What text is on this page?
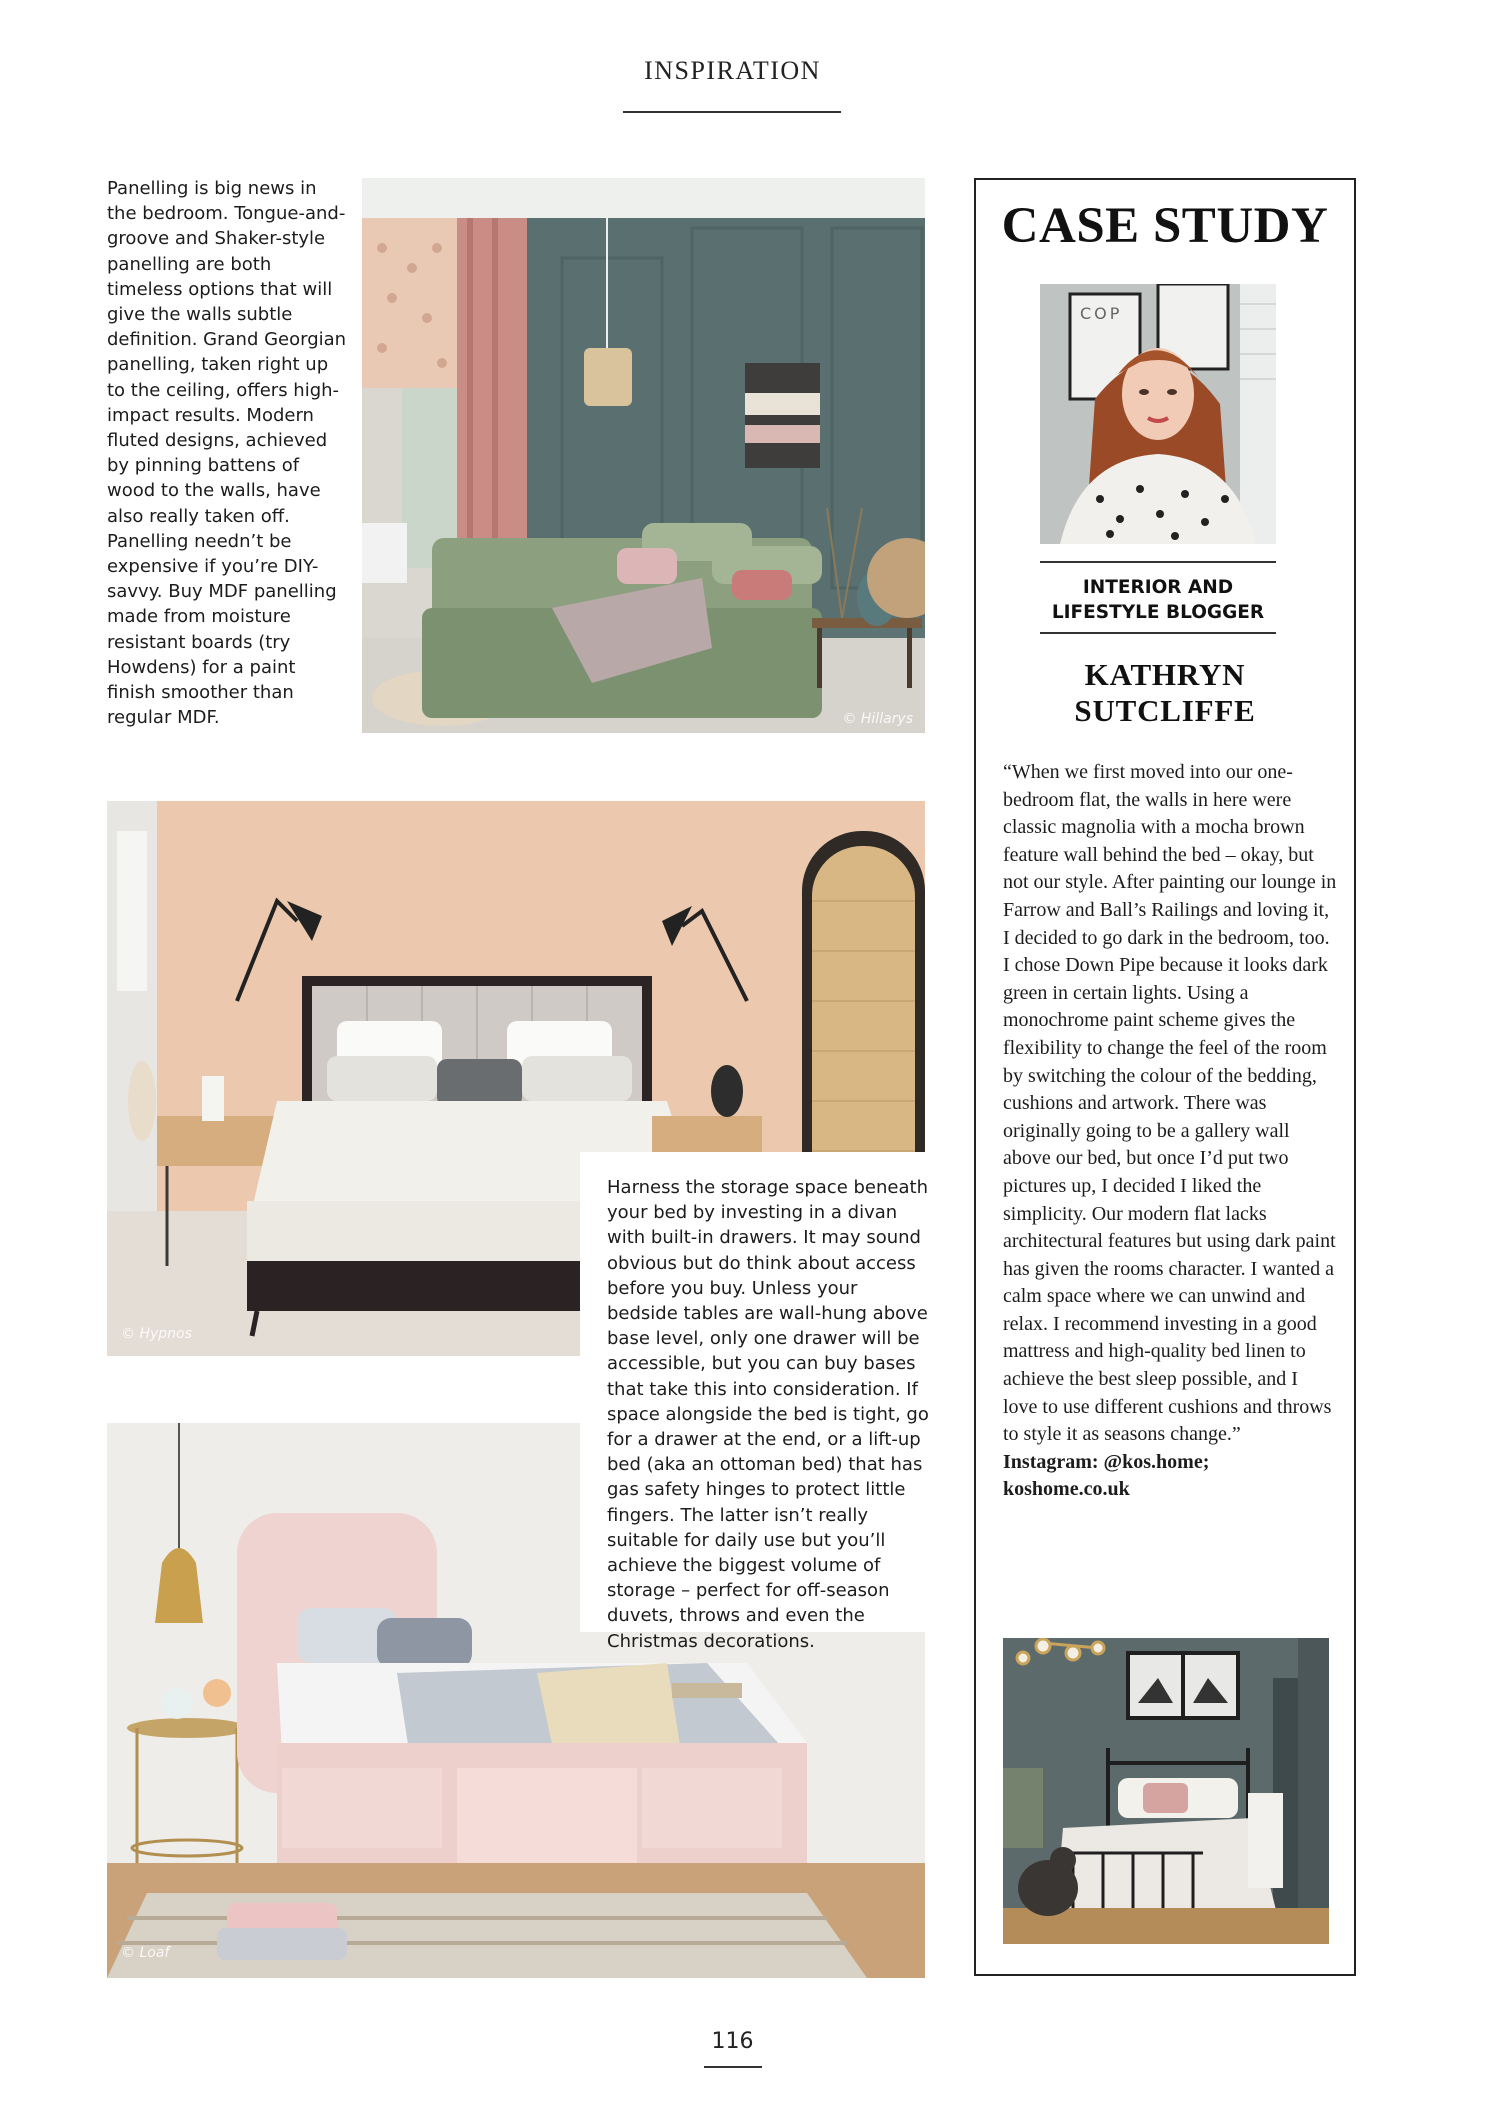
INSPIRATION
Panelling is big news in the bedroom. Tongue-and-groove and Shaker-style panelling are both timeless options that will give the walls subtle definition. Grand Georgian panelling, taken right up to the ceiling, offers high-impact results. Modern fluted designs, achieved by pinning battens of wood to the walls, have also really taken off. Panelling needn’t be expensive if you’re DIY-savvy. Buy MDF panelling made from moisture resistant boards (try Howdens) for a paint finish smoother than regular MDF.	© Hillarys
© Hypnos
© Loaf
Harness the storage space beneath your bed by investing in a divan with built-in drawers. It may sound obvious but do think about access before you buy. Unless your bedside tables are wall-hung above base level, only one drawer will be accessible, but you can buy bases that take this into consideration. If space alongside the bed is tight, go for a drawer at the end, or a lift-up bed (aka an ottoman bed) that has gas safety hinges to protect little fingers. The latter isn’t really suitable for daily use but you’ll achieve the biggest volume of storage – perfect for off-season duvets, throws and even the Christmas decorations.
CASE STUDY
COP
INTERIOR AND
LIFESTYLE BLOGGER
KATHRYN
SUTCLIFFE
“When we first moved into our one-bedroom flat, the walls in here were classic magnolia with a mocha brown feature wall behind the bed – okay, but not our style. After painting our lounge in Farrow and Ball’s Railings and loving it, I decided to go dark in the bedroom, too. I chose Down Pipe because it looks dark green in certain lights. Using a monochrome paint scheme gives the flexibility to change the feel of the room by switching the colour of the bedding, cushions and artwork. There was originally going to be a gallery wall above our bed, but once I’d put two pictures up, I decided I liked the simplicity. Our modern flat lacks architectural features but using dark paint has given the rooms character. I wanted a calm space where we can unwind and relax. I recommend investing in a good mattress and high-quality bed linen to achieve the best sleep possible, and I love to use different cushions and throws to style it as seasons change.”
Instagram: @kos.home;
koshome.co.uk
116
